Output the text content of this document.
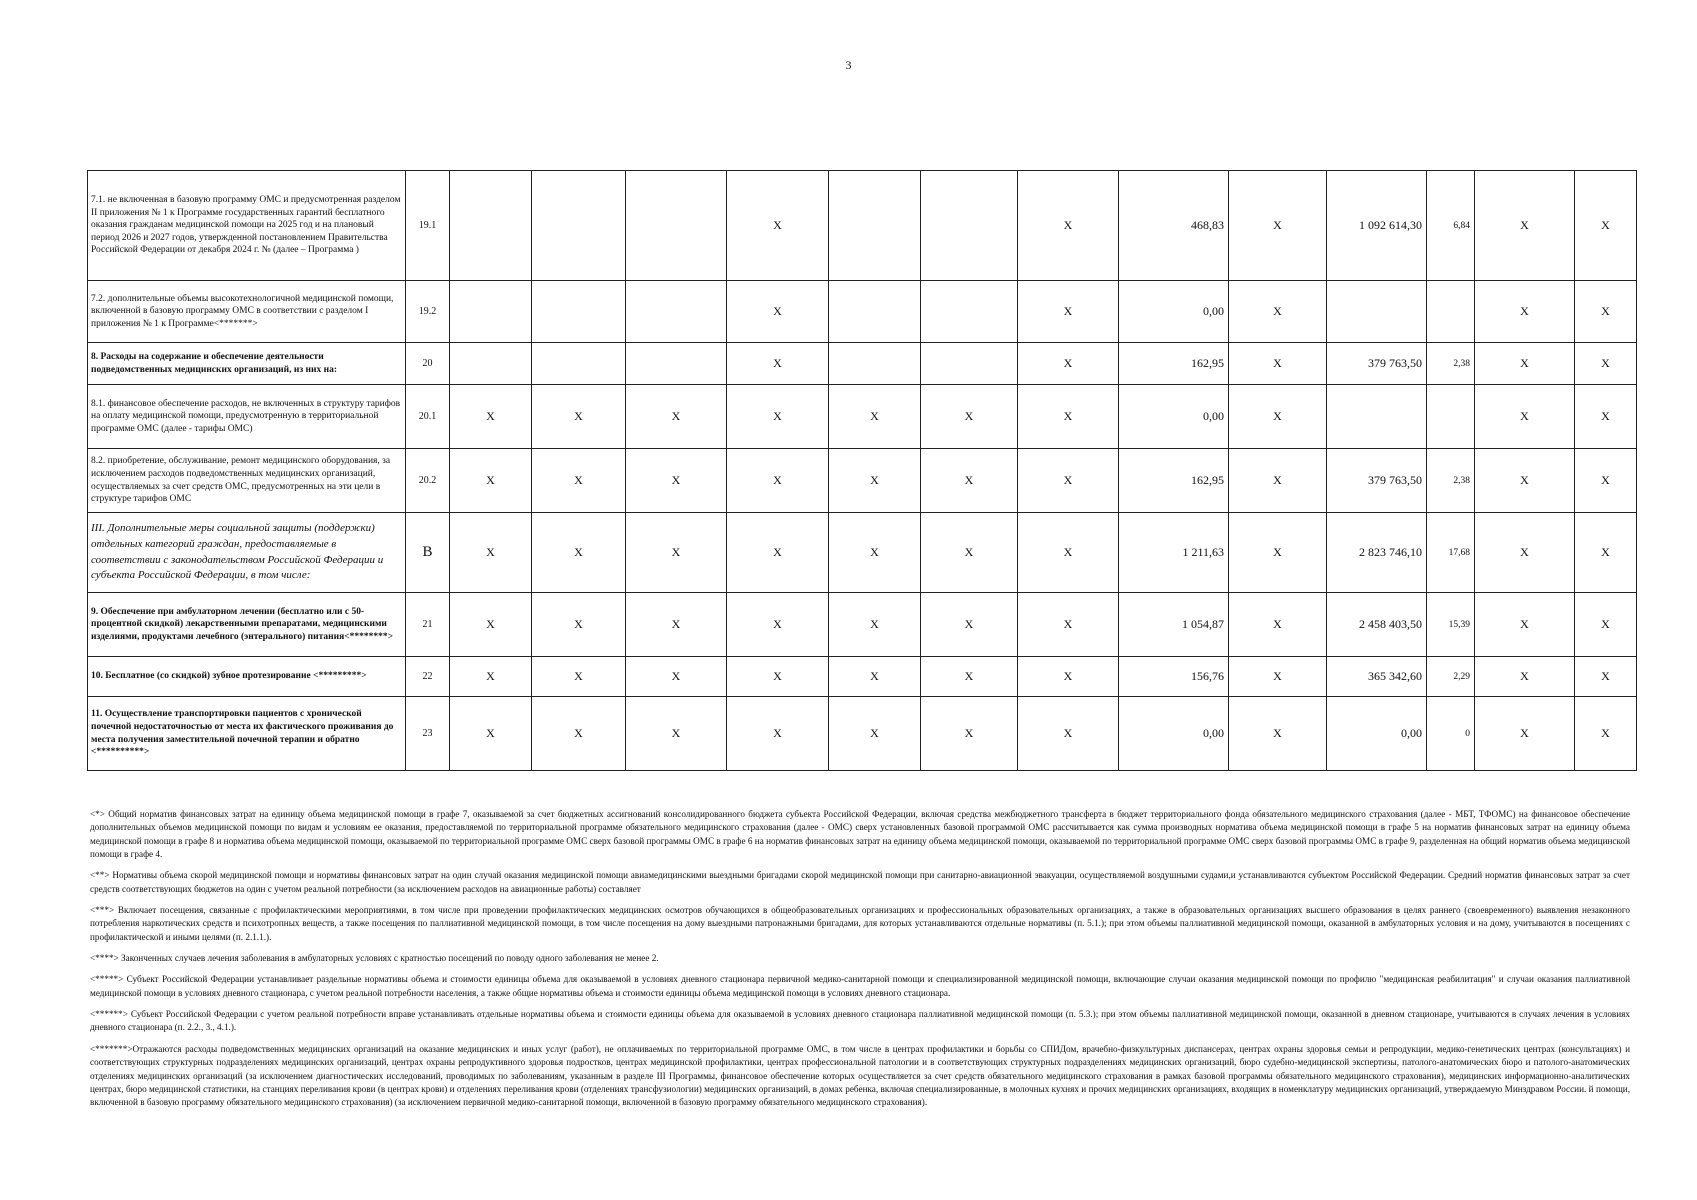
3
7.1. не включенная в базовую программу ОМС и предусмотренная разделом II приложения № 1 к Программе государственных гарантий бесплатного оказания гражданам медицинской помощи на 2025 год и на плановый период 2026 и 2027 годов, утвержденной постановлением Правительства Российской Федерации от декабря 2024 г. № (далее – Программа )	19.1				X			X	468,83	X	1 092 614,30	6,84	X	X
7.2. дополнительные объемы высокотехнологичной медицинской помощи, включенной в базовую программу ОМС в соответствии с разделом I приложения № 1 к Программе<*******>	19.2				X			X	0,00	X			X	X
8. Расходы на содержание и обеспечение деятельности подведомственных медицинских организаций, из них на:	20				X			X	162,95	X	379 763,50	2,38	X	X
8.1. финансовое обеспечение расходов, не включенных в структуру тарифов на оплату медицинской помощи, предусмотренную в территориальной программе ОМС (далее - тарифы ОМС)	20.1	X	X	X	X	X	X	X	0,00	X			X	X
8.2. приобретение, обслуживание, ремонт медицинского оборудования, за исключением расходов подведомственных медицинских организаций, осуществляемых за счет средств ОМС, предусмотренных на эти цели в структуре тарифов ОМС	20.2	X	X	X	X	X	X	X	162,95	X	379 763,50	2,38	X	X
III. Дополнительные меры социальной защиты (поддержки) отдельных категорий граждан, предоставляемые в соответствии с законодательством Российской Федерации и субъекта Российской Федерации, в том числе:	В	X	X	X	X	X	X	X	1 211,63	X	2 823 746,10	17,68	X	X
9. Обеспечение при амбулаторном лечении (бесплатно или с 50-процентной скидкой) лекарственными препаратами, медицинскими изделиями, продуктами лечебного (энтерального) питания<********>	21	X	X	X	X	X	X	X	1 054,87	X	2 458 403,50	15,39	X	X
10. Бесплатное (со скидкой) зубное протезирование <*********>	22	X	X	X	X	X	X	X	156,76	X	365 342,60	2,29	X	X
11. Осуществление транспортировки пациентов с хронической почечной недостаточностью от места их фактического проживания до места получения заместительной почечной терапии и обратно <**********>	23	X	X	X	X	X	X	X	0,00	X	0,00	0	X	X

<*> Общий норматив финансовых затрат на единицу объема медицинской помощи в графе 7, оказываемой за счет бюджетных ассигнований консолидированного бюджета субъекта Российской Федерации, включая средства межбюджетного трансферта в бюджет территориального фонда обязательного медицинского страхования (далее - МБТ, ТФОМС) на финансовое обеспечение дополнительных объемов медицинской помощи по видам и условиям ее оказания, предоставляемой по территориальной программе обязательного медицинского страхования (далее - ОМС) сверх установленных базовой программой ОМС рассчитывается как сумма производных норматива объема медицинской помощи в графе 5 на норматив финансовых затрат на единицу объема медицинской помощи в графе 8 и норматива объема медицинской помощи, оказываемой по территориальной программе ОМС сверх базовой программы ОМС в графе 6 на норматив финансовых затрат на единицу объема медицинской помощи, оказываемой по территориальной программе ОМС сверх базовой программы ОМС в графе 9, разделенная на общий норматив объема медицинской помощи в графе 4.

<**> Нормативы объема скорой медицинской помощи и нормативы финансовых затрат на один случай оказания медицинской помощи авиамедицинскими выездными бригадами скорой медицинской помощи при санитарно-авиационной эвакуации, осуществляемой воздушными судами,и устанавливаются субъектом Российской Федерации. Средний норматив финансовых затрат за счет средств соответствующих бюджетов на один с учетом реальной потребности (за исключением расходов на авиационные работы) составляет

<***> Включает посещения, связанные с профилактическими мероприятиями, в том числе при проведении профилактических медицинских осмотров обучающихся в общеобразовательных организациях и профессиональных образовательных организациях, а также в образовательных организациях высшего образования в целях раннего (своевременного) выявления незаконного потребления наркотических средств и психотропных веществ, а также посещения по паллиативной медицинской помощи, в том числе посещения на дому выездными патронажными бригадами, для которых устанавливаются отдельные нормативы (п. 5.1.); при этом объемы паллиативной медицинской помощи, оказанной в амбулаторных условия и на дому, учитываются в посещениях с профилактической и иными целями (п. 2.1.1.).

<****> Законченных случаев лечения заболевания в амбулаторных условиях с кратностью посещений по поводу одного заболевания не менее 2.

<*****> Субъект Российской Федерации устанавливает раздельные нормативы объема и стоимости единицы объема для оказываемой в условиях дневного стационара первичной медико-санитарной помощи и специализированной медицинской помощи, включающие случаи оказания медицинской помощи по профилю "медицинская реабилитация" и случаи оказания паллиативной медицинской помощи в условиях дневного стационара, с учетом реальной потребности населения, а также общие нормативы объема и стоимости единицы объема медицинской помощи в условиях дневного стационара.

<******> Субъект Российской Федерации с учетом реальной потребности вправе устанавливать отдельные нормативы объема и стоимости единицы объема для оказываемой в условиях дневного стационара паллиативной медицинской помощи (п. 5.3.); при этом объемы паллиативной медицинской помощи, оказанной в дневном стационаре, учитываются в случаях лечения в условиях дневного стационара (п. 2.2., 3., 4.1.).

<*******>Отражаются расходы подведомственных медицинских организаций на оказание медицинских и иных услуг (работ), не оплачиваемых по территориальной программе ОМС, в том числе в центрах профилактики и борьбы со СПИДом, врачебно-физкультурных диспансерах, центрах охраны здоровья семьи и репродукции, медико-генетических центрах (консультациях) и соответствующих структурных подразделениях медицинских организаций, центрах охраны репродуктивного здоровья подростков, центрах медицинской профилактики, центрах профессиональной патологии и в соответствующих структурных подразделениях медицинских организаций, бюро судебно-медицинской экспертизы, патолого-анатомических бюро и патолого-анатомических отделениях медицинских организаций (за исключением диагностических исследований, проводимых по заболеваниям, указанным в разделе III Программы, финансовое обеспечение которых осуществляется за счет средств обязательного медицинского страхования в рамках базовой программы обязательного медицинского страхования), медицинских информационно-аналитических центрах, бюро медицинской статистики, на станциях переливания крови (в центрах крови) и отделениях переливания крови (отделениях трансфузиологии) медицинских организаций, в домах ребенка, включая специализированные, в молочных кухнях и прочих медицинских организациях, входящих в номенклатуру медицинских организаций, утверждаемую Минздравом России. й помощи, включенной в базовую программу обязательного медицинского страхования) (за исключением первичной медико-санитарной помощи, включенной в базовую программу обязательного медицинского страхования).
